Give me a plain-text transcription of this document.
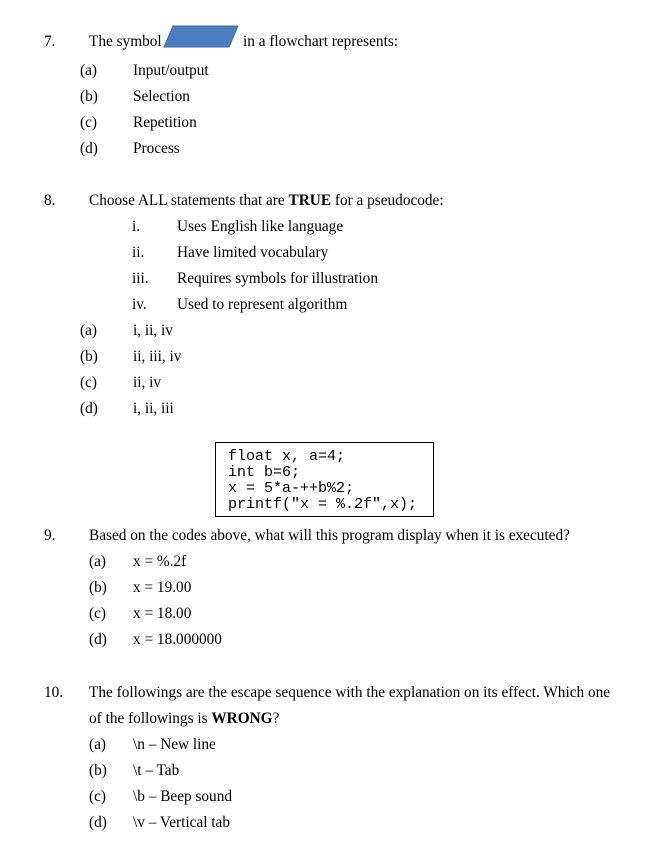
7. The symbol	in a flowchart represents:
(a) Input/output
(b) Selection
(c) Repetition
(d) Process
8. Choose ALL statements that are TRUE for a pseudocode:
i. Uses English like language
ii. Have limited vocabulary
iii. Requires symbols for illustration
iv. Used to represent algorithm
(a) i, ii, iv
(b) ii, iii, iv
(c) ii, iv
(d) i, ii, iii
float x, a=4;
int b=6;
x = 5*a-++b%2;
printf("x = %.2f",x);
9. Based on the codes above, what will this program display when it is executed?
(a) x = %.2f
(b) x = 19.00
(c) x = 18.00
(d) x = 18.000000
10. The followings are the escape sequence with the explanation on its effect. Which one
of the followings is WRONG?
(a) \n – New line
(b) \t – Tab
(c) \b – Beep sound
(d) \v – Vertical tab
